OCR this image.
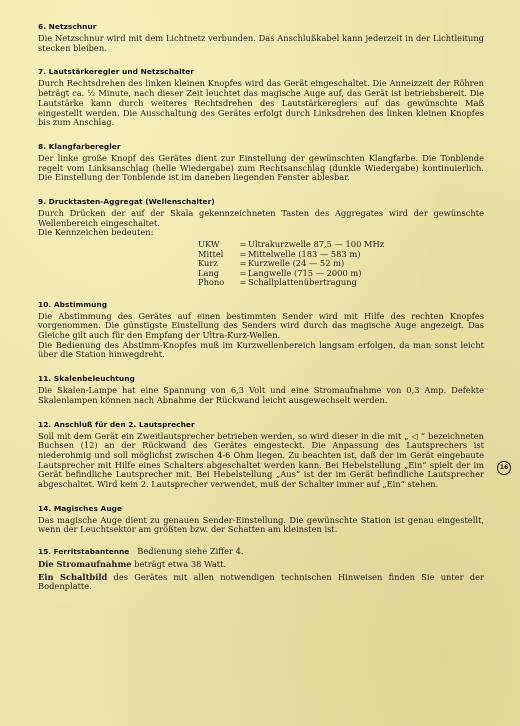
6. Netzschnur

Die Netzschnur wird mit dem Lichtnetz verbunden. Das Anschlußkabel kann jederzeit in der Lichtleitung stecken bleiben.

7. Lautstärkeregler und Netzschalter

Durch Rechtsdrehen des linken kleinen Knopfes wird das Gerät eingeschaltet. Die Anneizzeit der Röhren beträgt ca. ½ Minute, nach dieser Zeit leuchtet das magische Auge auf, das Gerät ist betriebsbereit. Die Lautstärke kann durch weiteres Rechtsdrehen des Lautstärkereglers auf das gewünschte Maß eingestellt werden. Die Ausschaltung des Gerätes erfolgt durch Linksdrehen des linken kleinen Knopfes bis zum Anschlag.

8. Klangfarberegler

Der linke große Knopf des Gerätes dient zur Einstellung der gewünschten Klangfarbe. Die Tonblende regelt vom Linksanschlag (helle Wiedergabe) zum Rechtsanschlag (dunkle Wiedergabe) kontinuierlich. Die Einstellung der Tonblende ist im daneben liegenden Fenster ablesbar.

9. Drucktasten-Aggregat (Wellenschalter)

Durch Drücken der auf der Skala gekennzeichneten Tasten des Aggregates wird der gewünschte Wellenbereich eingeschaltet.

Die Kennzeichen bedeuten:

UKW	=	Ultrakurzwelle 87,5 — 100 MHz
Mittel	=	Mittelwelle (183 — 583 m)
Kurz	=	Kurzwelle (24 — 52 m)
Lang	=	Langwelle (715 — 2000 m)
Phono	=	Schallplattenübertragung
10. Abstimmung

Die Abstimmung des Gerätes auf einen bestimmten Sender wird mit Hilfe des rechten Knopfes vorgenommen. Die günstigste Einstellung des Senders wird durch das magische Auge angezeigt. Das Gleiche gilt auch für den Empfang der Ultra-Kurz-Wellen.

Die Bedienung des Abstimm-Knopfes muß im Kurzwellenbereich langsam erfolgen, da man sonst leicht über die Station hinwegdreht.

11. Skalenbeleuchtung

Die Skalen-Lampe hat eine Spannung von 6,3 Volt und eine Stromaufnahme von 0,3 Amp. Defekte Skalenlampen können nach Abnahme der Rückwand leicht ausgewechselt werden.

12. Anschluß für den 2. Lautsprecher

Soll mit dem Gerät ein Zweitlautsprecher betrieben werden, so wird dieser in die mit „ ◁ “ bezeichneten Buchsen (12) an der Rückwand des Gerätes eingesteckt. Die Anpassung des Lautsprechers ist niederohmig und soll möglichst zwischen 4-6 Ohm liegen. Zu beachten ist, daß der im Gerät eingebaute Lautsprecher mit Hilfe eines Schalters abgeschaltet werden kann. Bei Hebelstellung „Ein“ spielt der im Gerät befindliche Lautsprecher mit. Bei Hebelstellung „Aus“ ist der im Gerät befindliche Lautsprecher abgeschaltet. Wird kein 2. Lautsprecher verwendet, muß der Schalter immer auf „Ein“ stehen.

16
14. Magisches Auge

Das magische Auge dient zu genauen Sender-Einstellung. Die gewünschte Station ist genau eingestellt, wenn der Leuchtsektor am größten bzw. der Schatten am kleinsten ist.

15. Ferritstabantenne Bedienung siehe Ziffer 4.

Die Stromaufnahme beträgt etwa 38 Watt.

Ein Schaltbild des Gerätes mit allen notwendigen technischen Hinweisen finden Sie unter der Bodenplatte.
